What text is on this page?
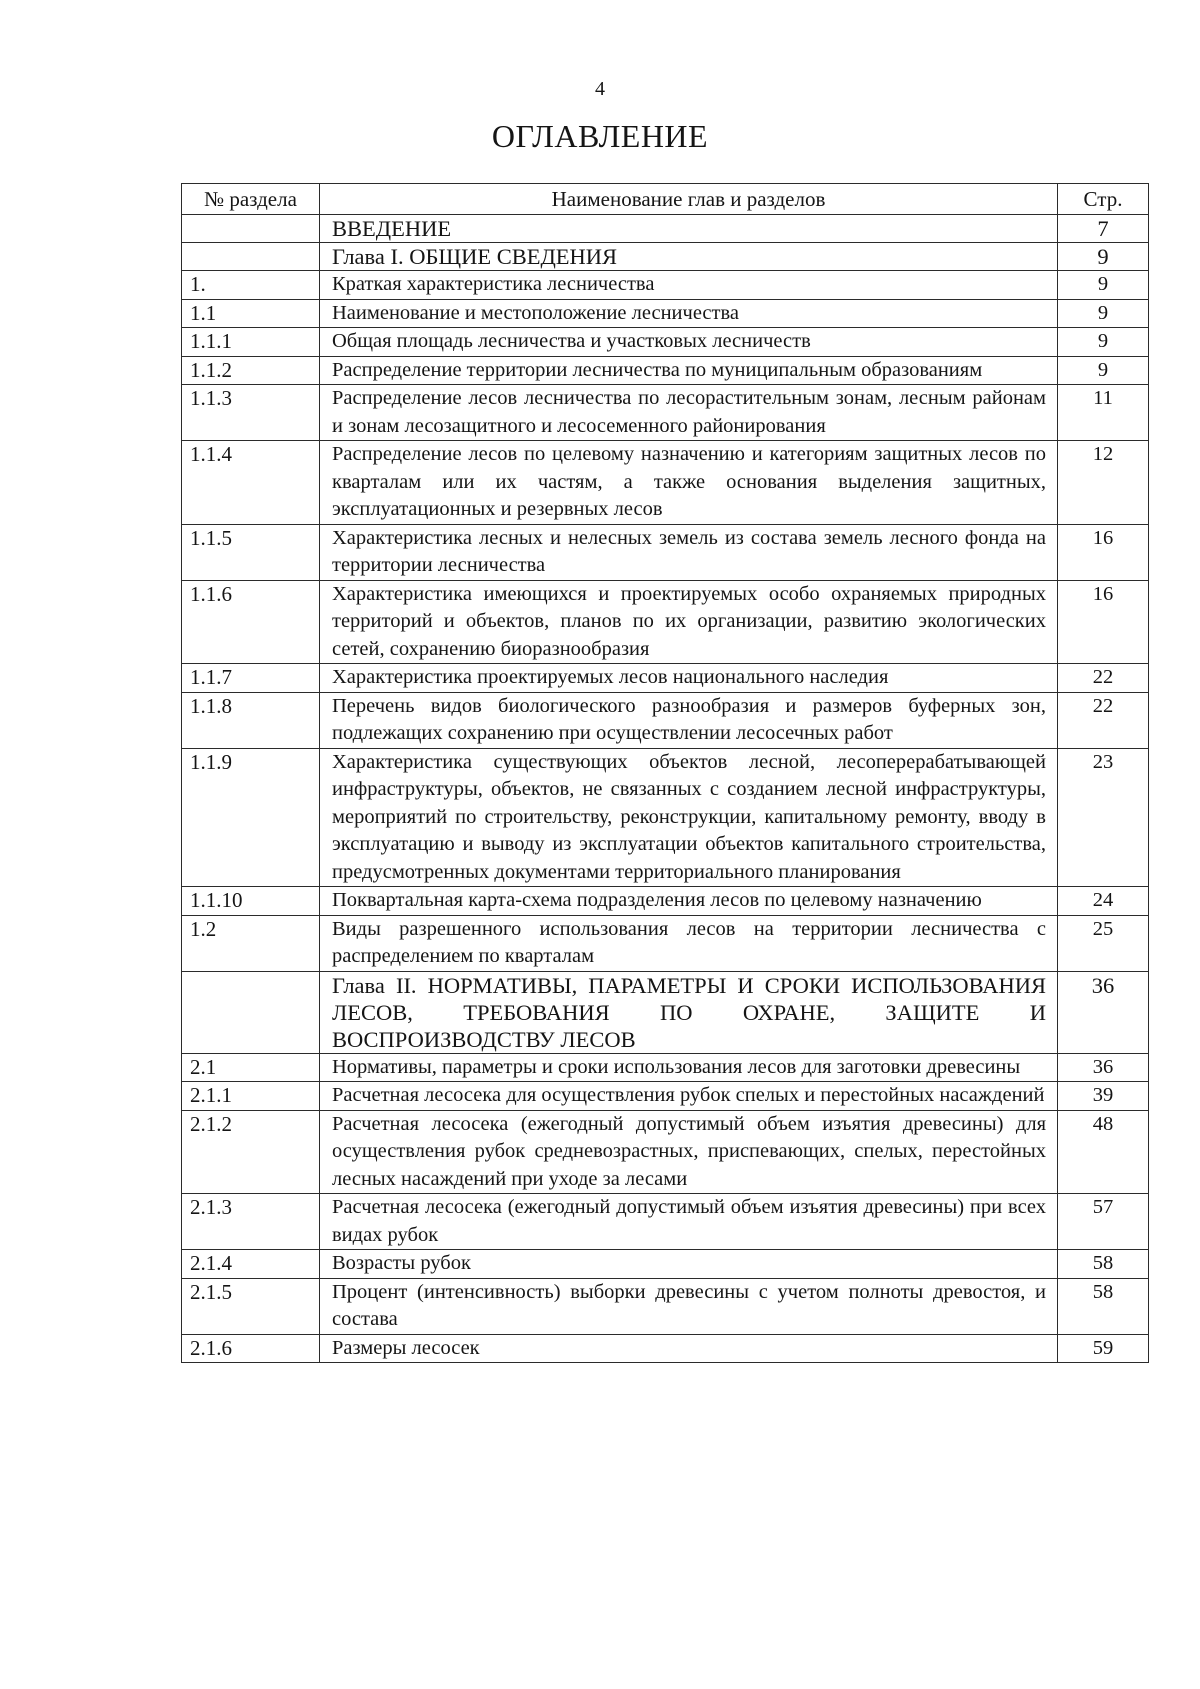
4
ОГЛАВЛЕНИЕ
№ раздела	Наименование глав и разделов	Стр.
	ВВЕДЕНИЕ	7
	Глава I. ОБЩИЕ СВЕДЕНИЯ	9
1.	Краткая характеристика лесничества	9
1.1	Наименование и местоположение лесничества	9
1.1.1	Общая площадь лесничества и участковых лесничеств	9
1.1.2	Распределение территории лесничества по муниципальным образованиям	9
1.1.3	Распределение лесов лесничества по лесорастительным зонам, лесным районам и зонам лесозащитного и лесосеменного районирования	11
1.1.4	Распределение лесов по целевому назначению и категориям защитных лесов по кварталам или их частям, а также основания выделения защитных, эксплуатационных и резервных лесов	12
1.1.5	Характеристика лесных и нелесных земель из состава земель лесного фонда на территории лесничества	16
1.1.6	Характеристика имеющихся и проектируемых особо охраняемых природных территорий и объектов, планов по их организации, развитию экологических сетей, сохранению биоразнообразия	16
1.1.7	Характеристика проектируемых лесов национального наследия	22
1.1.8	Перечень видов биологического разнообразия и размеров буферных зон, подлежащих сохранению при осуществлении лесосечных работ	22
1.1.9	Характеристика существующих объектов лесной, лесоперерабатывающей инфраструктуры, объектов, не связанных с созданием лесной инфраструктуры, мероприятий по строительству, реконструкции, капитальному ремонту, вводу в эксплуатацию и выводу из эксплуатации объектов капитального строительства, предусмотренных документами территориального планирования	23
1.1.10	Поквартальная карта-схема подразделения лесов по целевому назначению	24
1.2	Виды разрешенного использования лесов на территории лесничества с распределением по кварталам	25
	Глава II. НОРМАТИВЫ, ПАРАМЕТРЫ И СРОКИ ИСПОЛЬЗОВАНИЯ ЛЕСОВ, ТРЕБОВАНИЯ ПО ОХРАНЕ, ЗАЩИТЕ И ВОСПРОИЗВОДСТВУ ЛЕСОВ	36
2.1	Нормативы, параметры и сроки использования лесов для заготовки древесины	36
2.1.1	Расчетная лесосека для осуществления рубок спелых и перестойных насаждений	39
2.1.2	Расчетная лесосека (ежегодный допустимый объем изъятия древесины) для осуществления рубок средневозрастных, приспевающих, спелых, перестойных лесных насаждений при уходе за лесами	48
2.1.3	Расчетная лесосека (ежегодный допустимый объем изъятия древесины) при всех видах рубок	57
2.1.4	Возрасты рубок	58
2.1.5	Процент (интенсивность) выборки древесины с учетом полноты древостоя, и состава	58
2.1.6	Размеры лесосек	59
